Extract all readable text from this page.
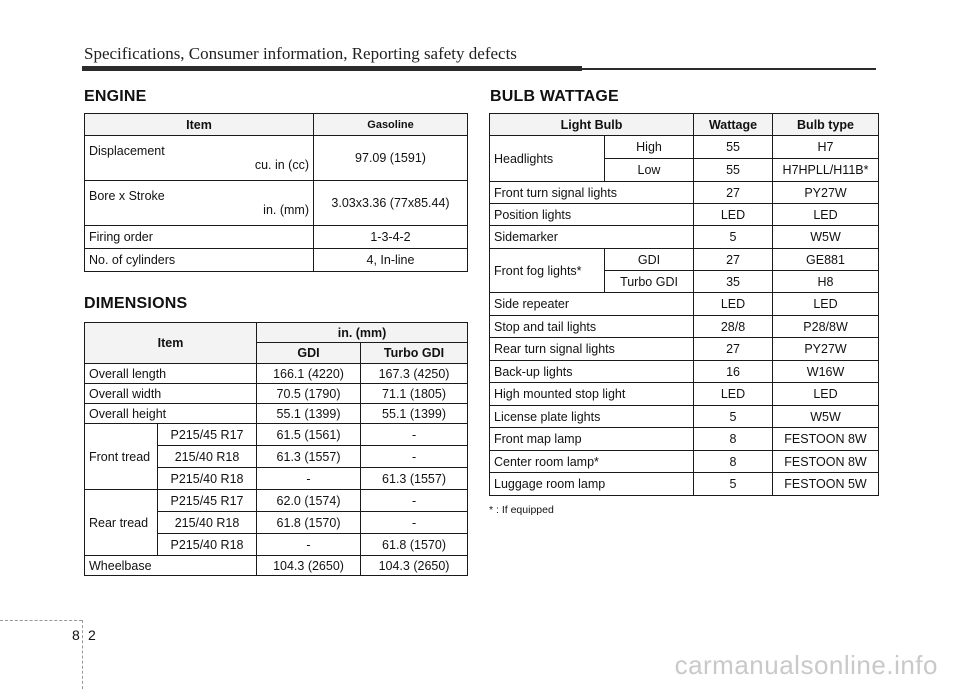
Specifications, Consumer information, Reporting safety defects
ENGINE
Item	Gasoline
Displacement
cu. in (cc)	97.09 (1591)
Bore x Stroke
in. (mm)	3.03x3.36 (77x85.44)
Firing order	1-3-4-2
No. of cylinders	4, In-line
DIMENSIONS
Item		in. (mm)	
		GDI	Turbo GDI
Overall length		166.1 (4220)	167.3 (4250)
Overall width		70.5 (1790)	71.1 (1805)
Overall height		55.1 (1399)	55.1 (1399)
Front tread	P215/45 R17	61.5 (1561)	-
	215/40 R18	61.3 (1557)	-
	P215/40 R18	-	61.3 (1557)
Rear tread	P215/45 R17	62.0 (1574)	-
	215/40 R18	61.8 (1570)	-
	P215/40 R18	-	61.8 (1570)
Wheelbase		104.3 (2650)	104.3 (2650)
BULB WATTAGE
Light Bulb		Wattage	Bulb type
Headlights	High	55	H7
	Low	55	H7HPLL/H11B*
Front turn signal lights		27	PY27W
Position lights		LED	LED
Sidemarker		5	W5W
Front fog lights*	GDI	27	GE881
	Turbo GDI	35	H8
Side repeater		LED	LED
Stop and tail lights		28/8	P28/8W
Rear turn signal lights		27	PY27W
Back-up lights		16	W16W
High mounted stop light		LED	LED
License plate lights		5	W5W
Front map lamp		8	FESTOON 8W
Center room lamp*		8	FESTOON 8W
Luggage room lamp		5	FESTOON 5W
* : If equipped
8 2
carmanualsonline.info
